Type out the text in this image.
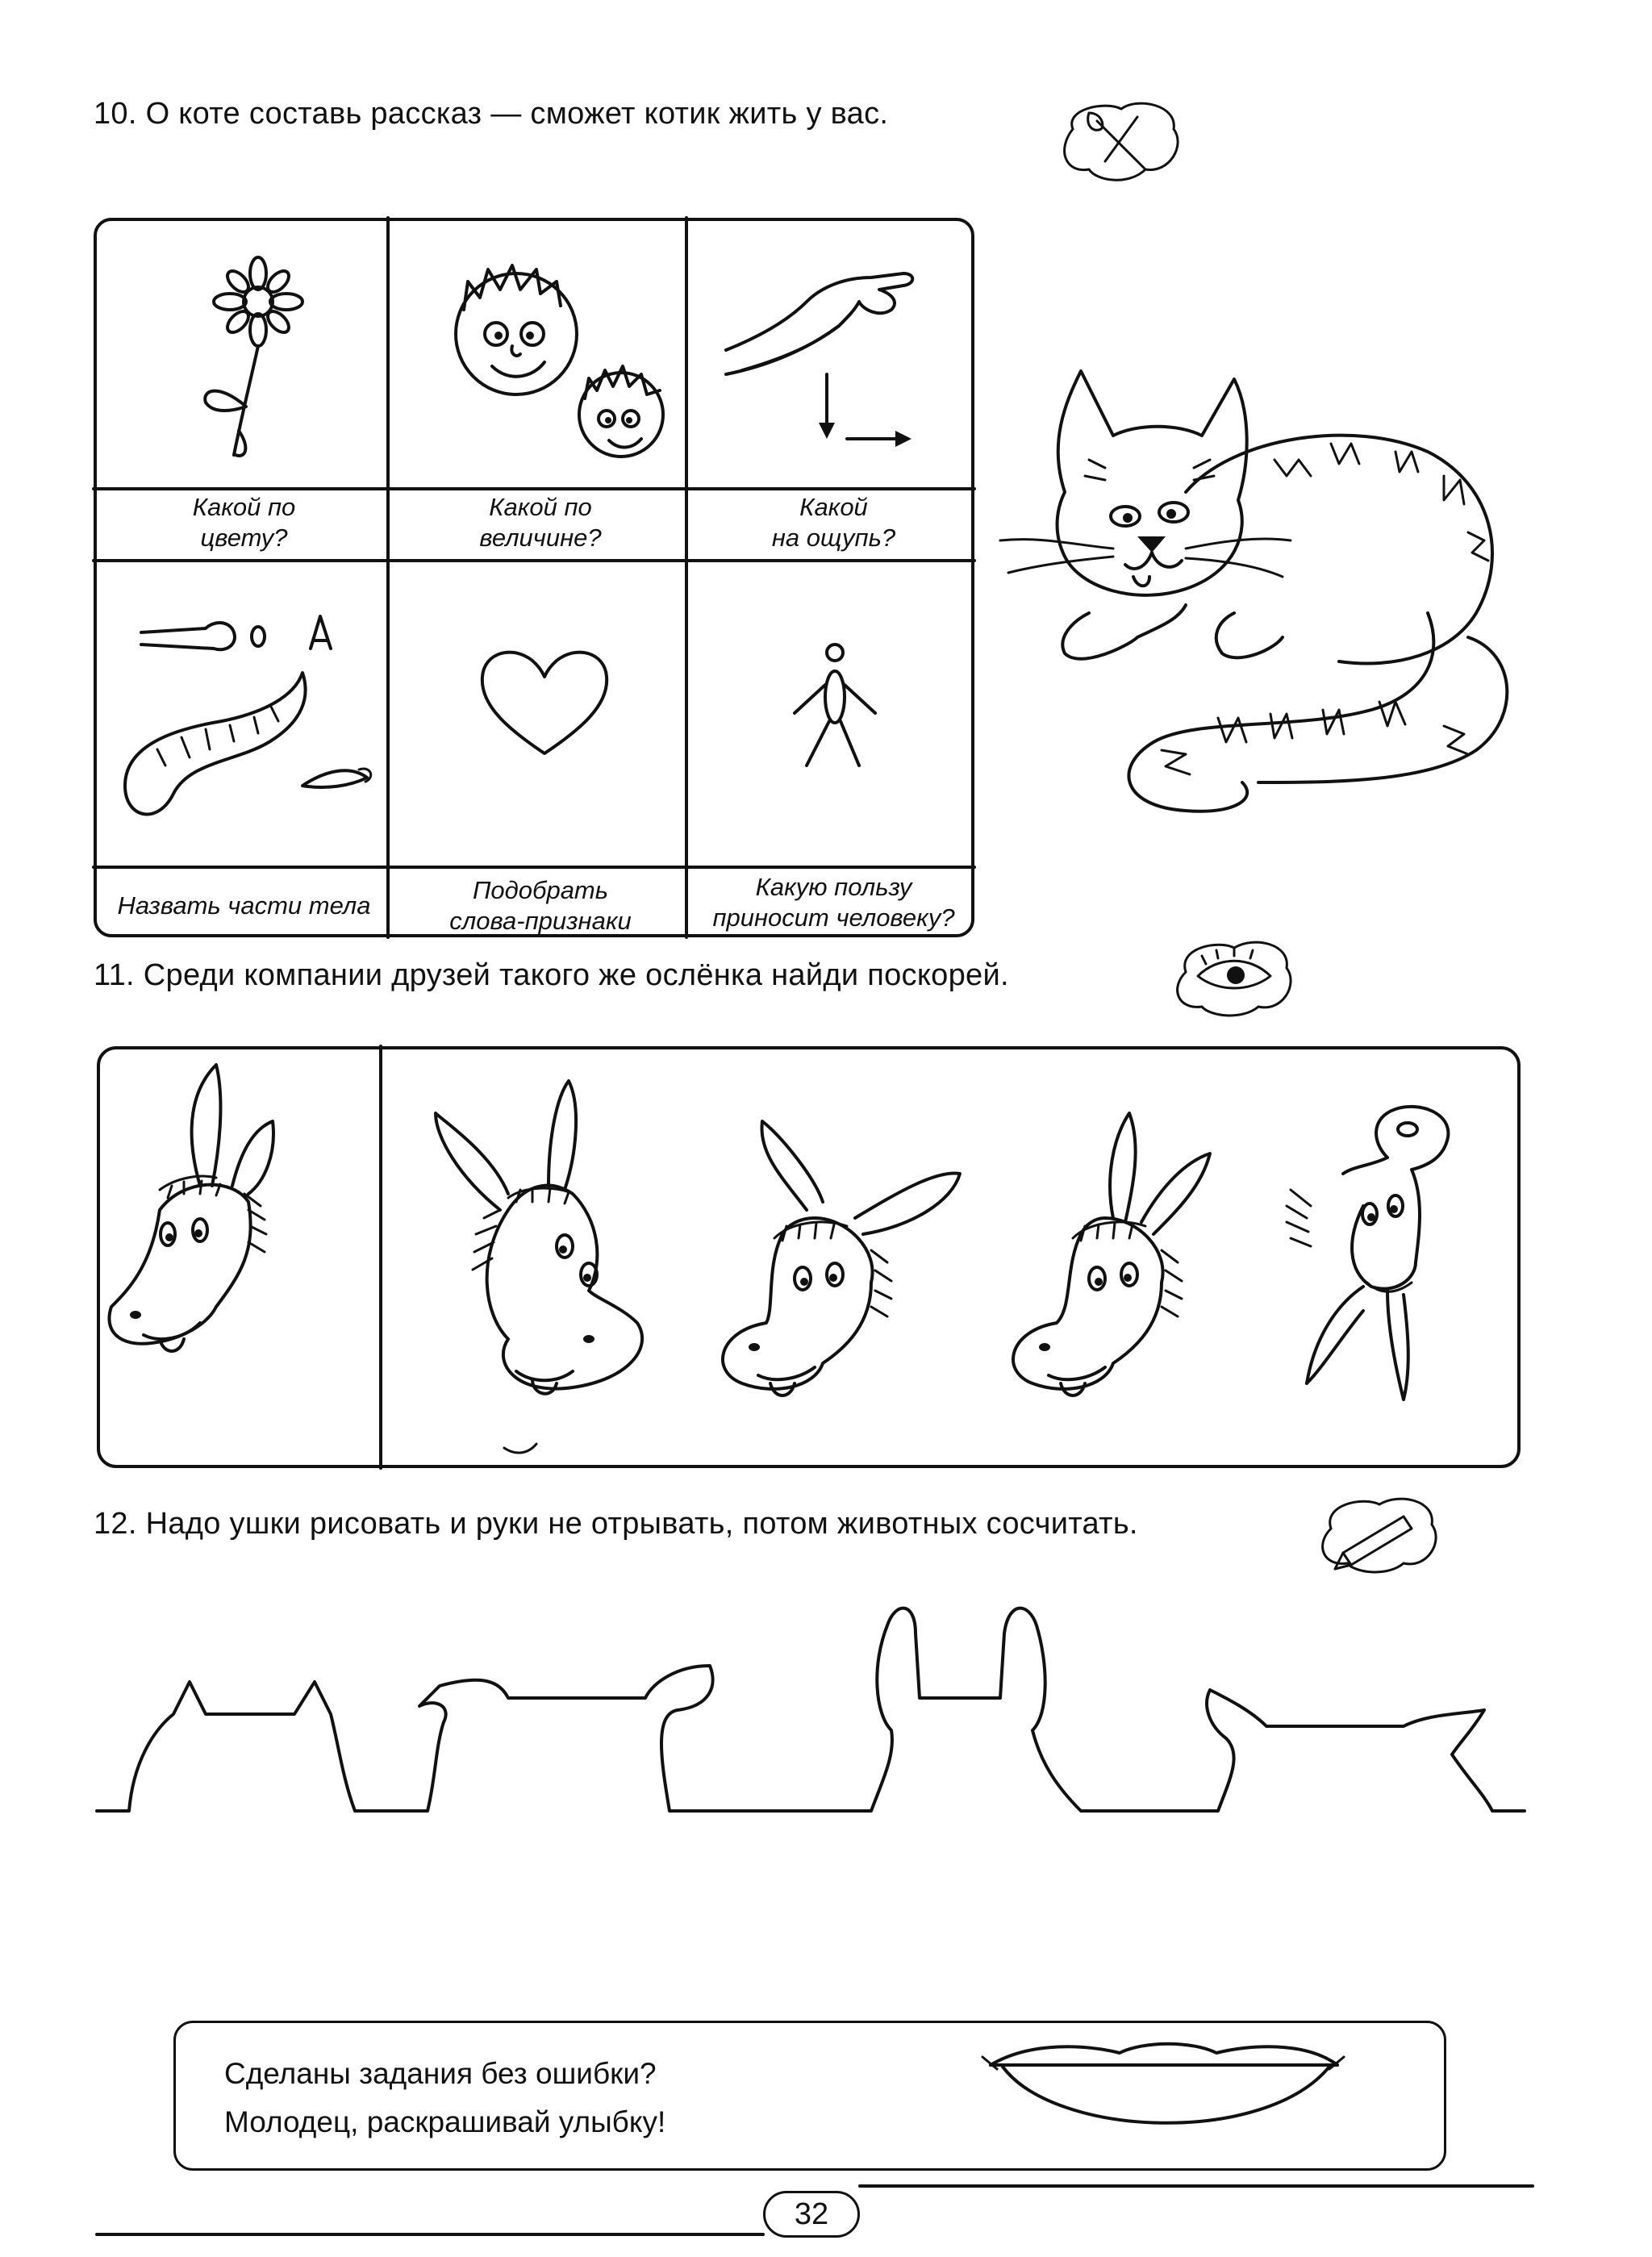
10. О коте составь рассказ — сможет котик жить у вас.
Какой по
цвету?
Какой по
величине?
Какой
на ощупь?
Назвать части тела
Подобрать
слова-признаки
Какую пользу
приносит человеку?
11. Среди компании друзей такого же ослёнка найди поскорей.
12. Надо ушки рисовать и руки не отрывать, потом животных сосчитать.
Сделаны задания без ошибки?
Молодец, раскрашивай улыбку!
32
